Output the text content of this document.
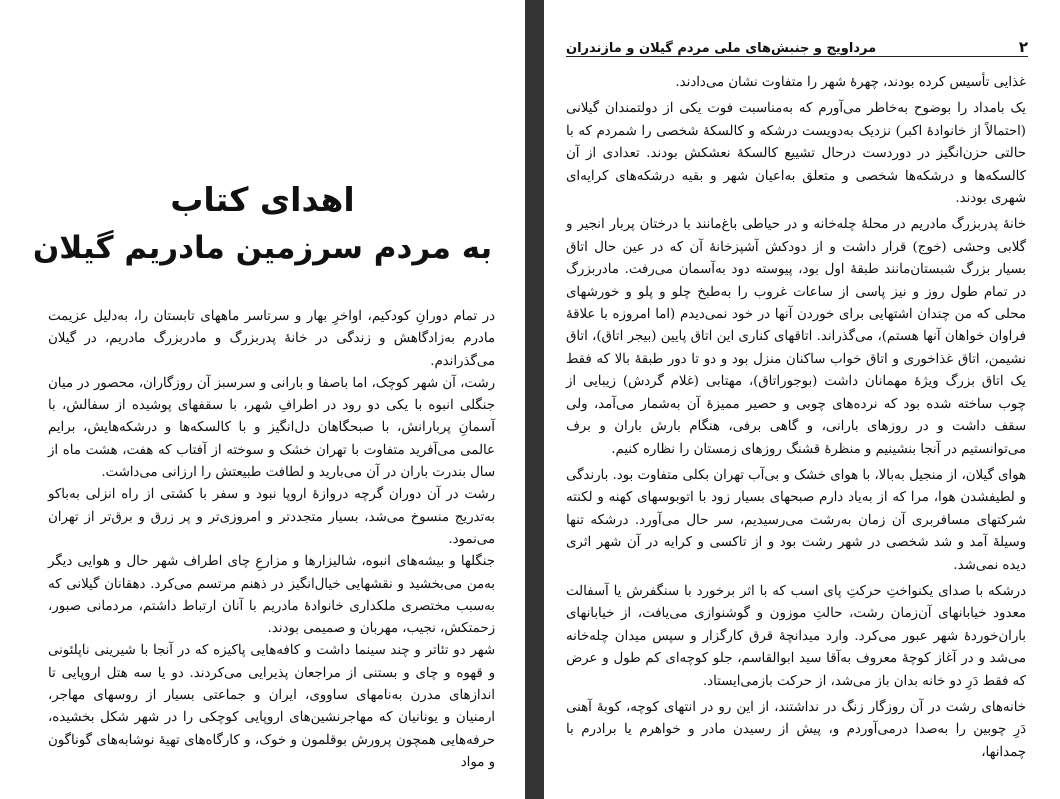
اهدای کتاب

به مردم سرزمین مادریم گیلان

در تمام دورانِ کودکیم، اواخرِ بهار و سرتاسر ماههای تابستان را، به‌دلیل عزیمت مادرم به‌زادگاهش و زندگی در خانهٔ پدربزرگ و مادربزرگ مادریم، در گیلان می‌گذراندم.

رشت، آن شهر کوچک، اما باصفا و بارانی و سرسبز آن روزگاران، محصور در میان جنگلی انبوه با یکی دو رود در اطرافِ شهر، با سقفهای پوشیده از سفالش، با آسمانِ پربارانش، با صبحگاهان دل‌انگیز و با کالسکه‌ها و درشکه‌هایش، برایم عالمی می‌آفرید متفاوت با تهران خشک و سوخته از آفتاب که هفت، هشت ماه از سال بندرت باران در آن می‌بارید و لطافت طبیعتش را ارزانی می‌داشت.

رشت در آن دوران گرچه دروازهٔ اروپا نبود و سفر با کشتی از راه انزلی به‌باکو به‌تدریج منسوخ می‌شد، بسیار متجددتر و امروزی‌تر و پر زرق و برق‌تر از تهران می‌نمود.

جنگلها و بیشه‌های انبوه، شالیزارها و مزارعِ چای اطراف شهر حال و هوایی دیگر به‌من می‌بخشید و نقشهایی خیال‌انگیز در ذهنم مرتسم می‌کرد. دهقانان گیلانی که به‌سبب مختصری ملکداری خانوادهٔ مادریم با آنان ارتباط داشتم، مردمانی صبور، زحمتکش، نجیب، مهربان و صمیمی بودند.

شهر دو تئاتر و چند سینما داشت و کافه‌هایی پاکیزه که در آنجا با شیرینی ناپلئونی و قهوه و چای و بستنی از مراجعان پذیرایی می‌کردند. دو یا سه هتل اروپایی تا اندازهای مدرن به‌نامهای ساووی، ایران و جماعتی بسیار از روسهای مهاجر، ارمنیان و یونانیان که مهاجرنشین‌های اروپایی کوچکی را در شهر شکل بخشیده، حرفه‌هایی همچون پرورش بوقلمون و خوک، و کارگاه‌های تهیهٔ نوشابه‌های گوناگون و مواد

۲
مرداویج و جنبش‌های ملی مردم گیلان و مازندران

غذایی تأسیس کرده بودند، چهرهٔ شهر را متفاوت نشان می‌دادند.

یک بامداد را بوضوح به‌خاطر می‌آورم که به‌مناسبت فوت یکی از دولتمندان گیلانی (احتمالاً از خانوادهٔ اکبر) نزدیک به‌دویست درشکه و کالسکهٔ شخصی را شمردم که با حالتی حزن‌انگیز در دوردست درحال تشییع کالسکهٔ نعشکش بودند. تعدادی از آن کالسکه‌ها و درشکه‌ها شخصی و متعلق به‌اعیان شهر و بقیه درشکه‌های کرایه‌ای شهری بودند.

خانهٔ پدربزرگ مادریم در محلهٔ چله‌خانه و در حیاطی باغ‌مانند با درختان پربار انجیر و گلابی وحشی (خوج) قرار داشت و از دودکش آشپزخانهٔ آن که در عین حال اتاق بسیار بزرگ شبستان‌مانند طبقهٔ اول بود، پیوسته دود به‌آسمان می‌رفت. مادربزرگ در تمام طول روز و نیز پاسی از ساعات غروب را به‌طبخ چلو و پلو و خورشهای محلی که من چندان اشتهایی برای خوردن آنها در خود نمی‌دیدم (اما امروزه با علاقهٔ فراوان خواهان آنها هستم)، می‌گذراند. اتاقهای کناری این اتاق پایین (بیجر اتاق)، اتاق نشیمن، اتاق غذاخوری و اتاق خواب ساکنان منزل بود و دو تا دور طبقهٔ بالا که فقط یک اتاق بزرگ ویژهٔ مهمانان داشت (بوجوراتاق)، مهتابی (غلام گردش) زیبایی از چوب ساخته شده بود که نرده‌های چوبی و حصیر ممیزهٔ آن به‌شمار می‌آمد، ولی سقف داشت و در روزهای بارانی، و گاهی برفی، هنگام بارش باران و برف می‌توانستیم در آنجا بنشینیم و منظرهٔ قشنگ روزهای زمستان را نظاره کنیم.

هوای گیلان، از منجیل به‌بالا، با هوای خشک و بی‌آب تهران بکلی متفاوت بود. بارندگی و لطیفشدن هوا، مرا که از به‌یاد دارم صبحهای بسیار زود با اتوبوسهای کهنه و لکنته شرکتهای مسافربری آن زمان به‌رشت می‌رسیدیم، سر حال می‌آورد. درشکه تنها وسیلهٔ آمد و شد شخصی در شهر رشت بود و از تاکسی و کرایه در آن شهر اثری دیده نمی‌شد.

درشکه با صدای یکنواختِ حرکتِ پای اسب که با اثر برخورد با سنگفرش یا آسفالت معدود خیابانهای آن‌زمان رشت، حالتِ موزون و گوشنوازی می‌یافت، از خیابانهای باران‌خوردهٔ شهر عبور می‌کرد. وارد میدانچهٔ قرق کارگزار و سپس میدان چله‌خانه می‌شد و در آغاز کوچهٔ معروف به‌آقا سید ابوالقاسم، جلو کوچه‌ای کم طول و عرض که فقط دَرِ دو خانه بدان باز می‌شد، از حرکت بازمی‌ایستاد.

خانه‌های رشت در آن روزگار زنگ در نداشتند، از این رو در انتهای کوچه، کوبهٔ آهنی دَرِ چوبین را به‌صدا درمی‌آوردم و، پیش از رسیدن مادر و خواهرم یا برادرم با چمدانها،
